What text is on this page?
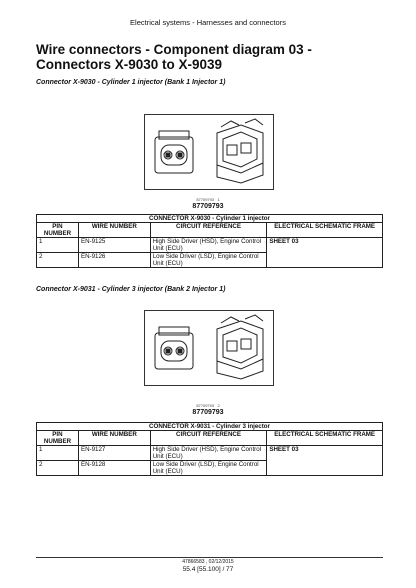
Electrical systems - Harnesses and connectors
Wire connectors - Component diagram 03 - Connectors X-9030 to X-9039
Connector X-9030 - Cylinder 1 injector (Bank 1 Injector 1)
87709793 1
87709793
CONNECTOR X-9030 - Cylinder 1 injector			
PIN NUMBER	WIRE NUMBER	CIRCUIT REFERENCE	ELECTRICAL SCHEMATIC FRAME
1	EN-9125	High Side Driver (HSD), Engine Control Unit (ECU)	SHEET 03
2	EN-9126	Low Side Driver (LSD), Engine Control Unit (ECU)	
Connector X-9031 - Cylinder 3 injector (Bank 2 Injector 1)
87709793 2
87709793
CONNECTOR X-9031 - Cylinder 3 injector			
PIN NUMBER	WIRE NUMBER	CIRCUIT REFERENCE	ELECTRICAL SCHEMATIC FRAME
1	EN-9127	High Side Driver (HSD), Engine Control Unit (ECU)	SHEET 03
2	EN-9128	Low Side Driver (LSD), Engine Control Unit (ECU)	
47866583 , 02/12/2015
55.4 [55.100] / 77
